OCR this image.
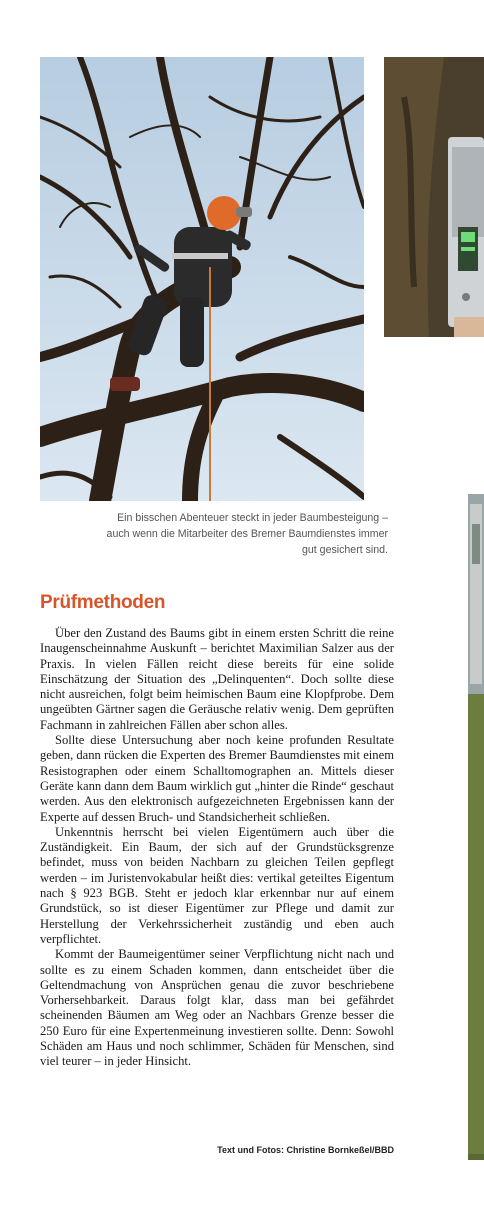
Ein bisschen Abenteuer steckt in jeder Baumbesteigung – auch wenn die Mitarbeiter des Bremer Baumdienstes immer gut gesichert sind.

Prüfmethoden

Über den Zustand des Baums gibt in einem ersten Schritt die reine Inaugenscheinnahme Auskunft – berichtet Maximilian Salzer aus der Praxis. In vielen Fällen reicht diese bereits für eine solide Einschätzung der Situation des „Delinquenten“. Doch sollte diese nicht ausreichen, folgt beim heimischen Baum eine Klopfprobe. Dem ungeübten Gärtner sagen die Geräusche relativ wenig. Dem geprüften Fachmann in zahlreichen Fällen aber schon alles.

Sollte diese Untersuchung aber noch keine profunden Resultate geben, dann rücken die Experten des Bremer Baumdienstes mit einem Resistographen oder einem Schalltomographen an. Mittels dieser Geräte kann dann dem Baum wirklich gut „hinter die Rinde“ geschaut werden. Aus den elektronisch aufgezeichneten Ergebnissen kann der Experte auf dessen Bruch- und Standsicherheit schließen.

Unkenntnis herrscht bei vielen Eigentümern auch über die Zuständigkeit. Ein Baum, der sich auf der Grundstücksgrenze befindet, muss von beiden Nachbarn zu gleichen Teilen gepflegt werden – im Juristenvokabular heißt dies: vertikal geteiltes Eigentum nach § 923 BGB. Steht er jedoch klar erkennbar nur auf einem Grundstück, so ist dieser Eigentümer zur Pflege und damit zur Herstellung der Verkehrssicherheit zuständig und eben auch verpflichtet.

Kommt der Baumeigentümer seiner Verpflichtung nicht nach und sollte es zu einem Schaden kommen, dann entscheidet über die Geltendmachung von Ansprüchen genau die zuvor beschriebene Vorhersehbarkeit. Daraus folgt klar, dass man bei gefährdet scheinenden Bäumen am Weg oder an Nachbars Grenze besser die 250 Euro für eine Expertenmeinung investieren sollte. Denn: Sowohl Schäden am Haus und noch schlimmer, Schäden für Menschen, sind viel teurer – in jeder Hinsicht.

Text und Fotos: Christine Bornkeßel/BBD
